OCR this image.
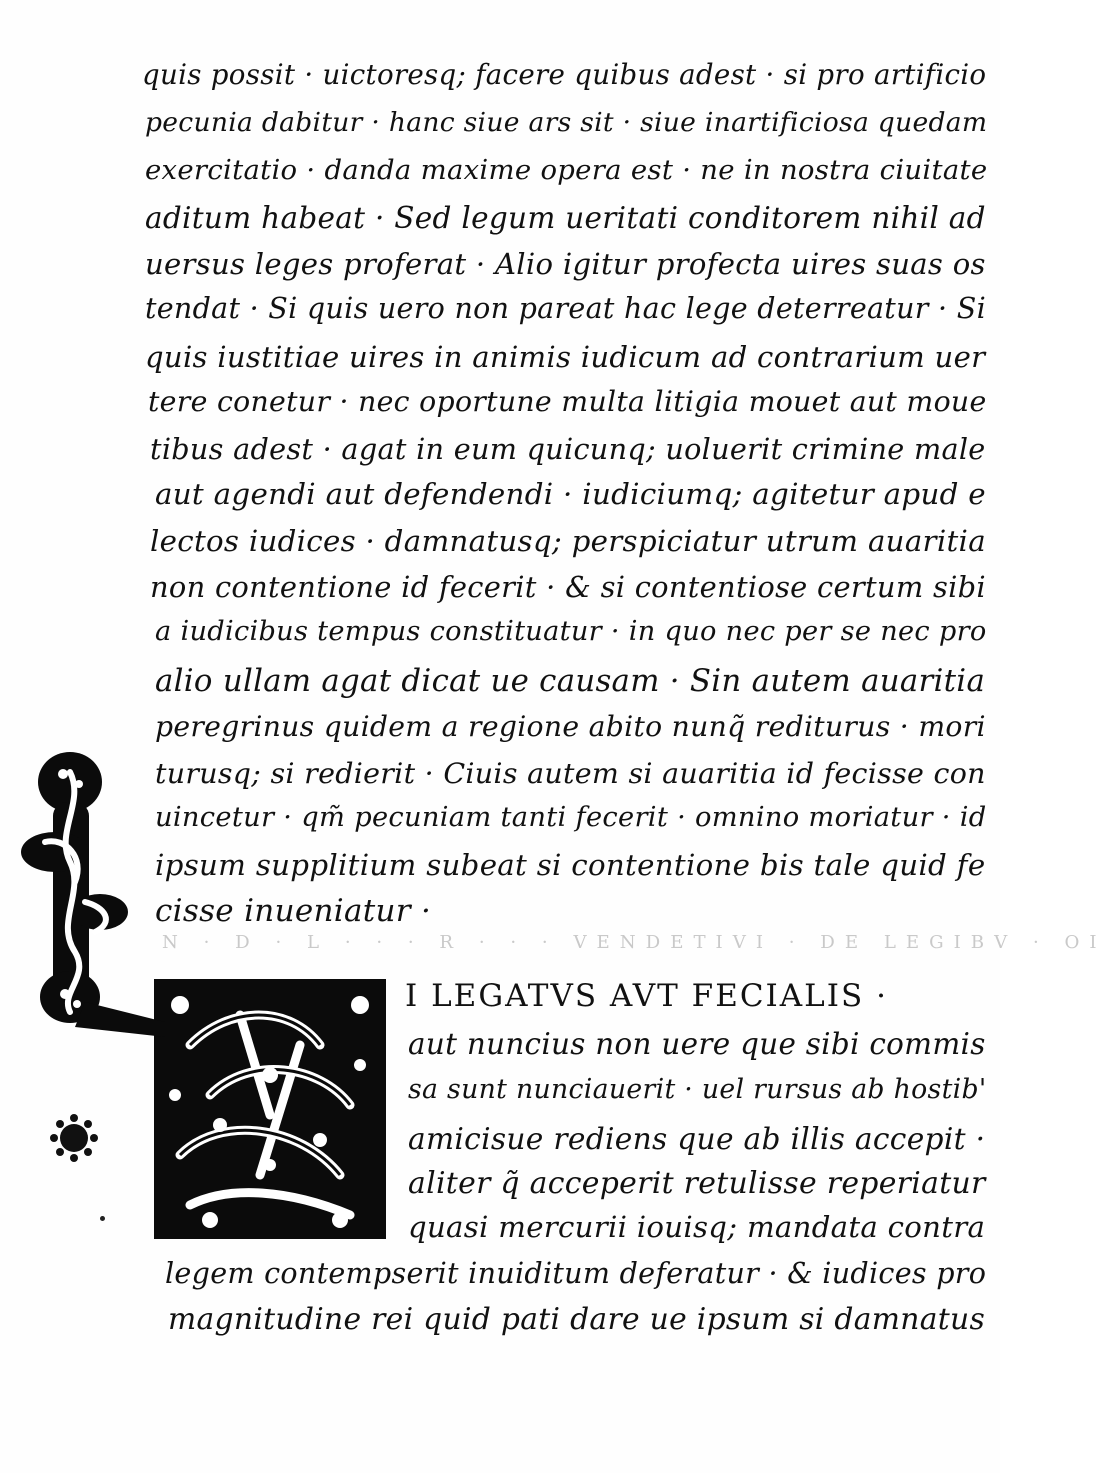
quis possit · uictoresq; facere quibus adest · si pro artificio
pecunia dabitur · hanc siue ars sit · siue inartificiosa quedam
exercitatio · danda maxime opera est · ne in nostra ciuitate
aditum habeat · Sed legum ueritati conditorem nihil ad
uersus leges proferat · Alio igitur profecta uires suas os
tendat · Si quis uero non pareat hac lege deterreatur · Si
quis iustitiae uires in animis iudicum ad contrarium uer
tere conetur · nec oportune multa litigia mouet aut moue
tibus adest · agat in eum quicunq; uoluerit crimine male
aut agendi aut defendendi · iudiciumq; agitetur apud e
lectos iudices · damnatusq; perspiciatur utrum auaritia
non contentione id fecerit · & si contentiose certum sibi
a iudicibus tempus constituatur · in quo nec per se nec pro
alio ullam agat dicat ue causam · Sin autem auaritia
peregrinus quidem a regione abito nunq̃ rediturus · mori
turusq; si redierit · Ciuis autem si auaritia id fecisse con
uincetur · qm̃ pecuniam tanti fecerit · omnino moriatur · id
ipsum supplitium subeat si contentione bis tale quid fe
cisse inueniatur ·
N · D · L · · · R · · · VENDETIVI · DE LEGIBV · OI
I LEGATVS AVT FECIALIS ·
aut nuncius non uere que sibi commis
sa sunt nunciauerit · uel rursus ab hostib'
amicisue rediens que ab illis accepit ·
aliter q̃ acceperit retulisse reperiatur
quasi mercurii iouisq; mandata contra
legem contempserit inuiditum deferatur · & iudices pro
magnitudine rei quid pati dare ue ipsum si damnatus
